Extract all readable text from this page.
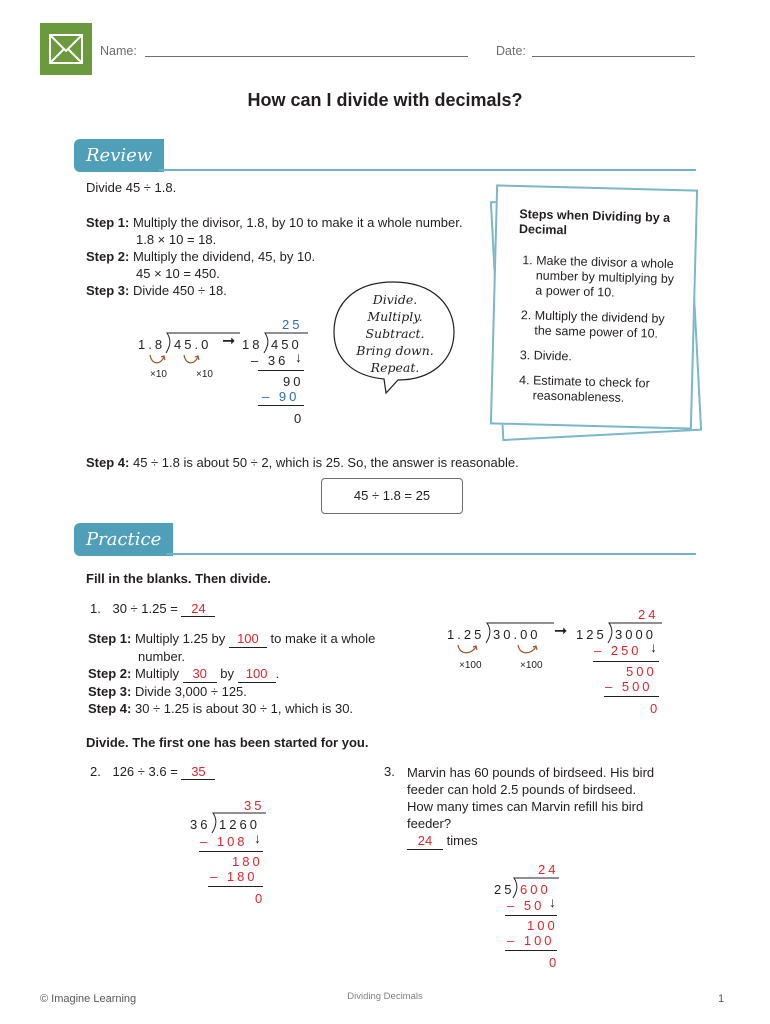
Name:	Date:
How can I divide with decimals?
Review
Divide 45 ÷ 1.8.
Step 1: Multiply the divisor, 1.8, by 10 to make it a whole number.
1.8 × 10 = 18.
Step 2: Multiply the dividend, 45, by 10.
45 × 10 = 450.
Step 3: Divide 450 ÷ 18.
Divide.
Multiply.
Subtract.
Bring down.
Repeat.
1.8 45.0 ➞
×10	×10
25
18 450
– 36 ↓
90
– 90
0
Steps when Dividing by a Decimal
1. Make the divisor a whole number by multiplying by a power of 10.
2. Multiply the dividend by the same power of 10.
3. Divide.
4. Estimate to check for reasonableness.
Step 4: 45 ÷ 1.8 is about 50 ÷ 2, which is 25. So, the answer is reasonable.
45 ÷ 1.8 = 25
Practice
Fill in the blanks. Then divide.
1. 30 ÷ 1.25 = 24
Step 1: Multiply 1.25 by 100 to make it a whole
number.
Step 2: Multiply 30 by 100 .
Step 3: Divide 3,000 ÷ 125.
Step 4: 30 ÷ 1.25 is about 30 ÷ 1, which is 30.
1.25 30.00 ➞
×100	×100
24
125 3000
– 250 ↓
500
– 500
0
Divide. The first one has been started for you.
2. 126 ÷ 3.6 = 35
35
36 1260
– 108 ↓
180
– 180
0
3. Marvin has 60 pounds of birdseed. His bird
feeder can hold 2.5 pounds of birdseed.
How many times can Marvin refill his bird
feeder?
24 times
24
25 600
– 50 ↓
100
– 100
0
© Imagine Learning	Dividing Decimals	1
